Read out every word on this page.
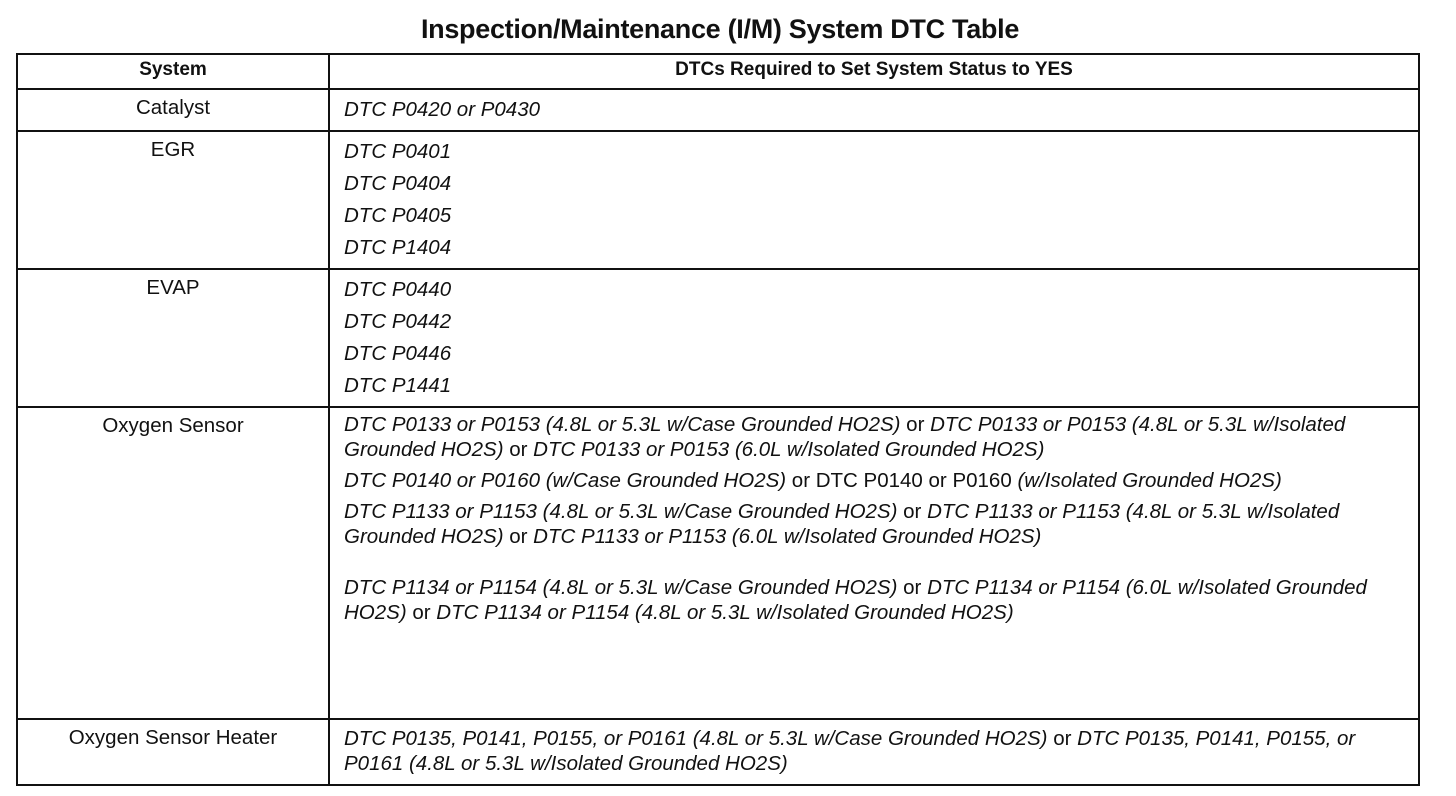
Inspection/Maintenance (I/M) System DTC Table
System	DTCs Required to Set System Status to YES
Catalyst	DTC P0420 or P0430

EGR	DTC P0401
DTC P0404
DTC P0405
DTC P1404

EVAP	DTC P0440
DTC P0442
DTC P0446
DTC P1441

Oxygen Sensor	DTC P0133 or P0153 (4.8L or 5.3L w/Case Grounded HO2S) or DTC P0133 or P0153 (4.8L or 5.3L w/Isolated Grounded HO2S) or DTC P0133 or P0153 (6.0L w/Isolated Grounded HO2S)
DTC P0140 or P0160 (w/Case Grounded HO2S) or DTC P0140 or P0160 (w/Isolated Grounded HO2S)
DTC P1133 or P1153 (4.8L or 5.3L w/Case Grounded HO2S) or DTC P1133 or P1153 (4.8L or 5.3L w/Isolated Grounded HO2S) or DTC P1133 or P1153 (6.0L w/Isolated Grounded HO2S)
DTC P1134 or P1154 (4.8L or 5.3L w/Case Grounded HO2S) or DTC P1134 or P1154 (6.0L w/Isolated Grounded HO2S) or DTC P1134 or P1154 (4.8L or 5.3L w/Isolated Grounded HO2S)

Oxygen Sensor Heater	DTC P0135, P0141, P0155, or P0161 (4.8L or 5.3L w/Case Grounded HO2S) or DTC P0135, P0141, P0155, or P0161 (4.8L or 5.3L w/Isolated Grounded HO2S)
